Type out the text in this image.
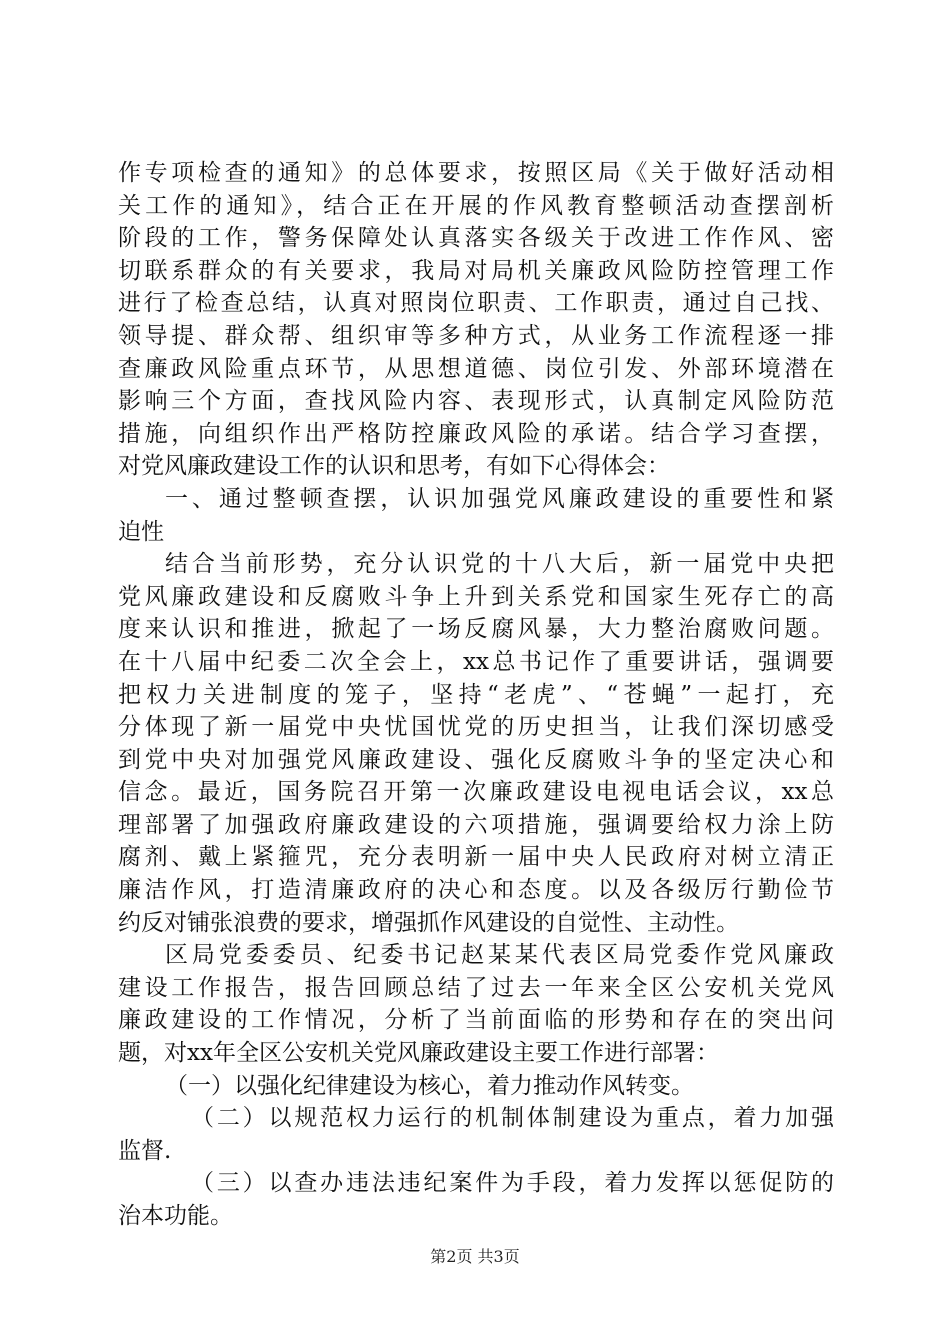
作专项检查的通知》的总体要求，按照区局《关于做好活动相
关工作的通知》，结合正在开展的作风教育整顿活动查摆剖析
阶段的工作，警务保障处认真落实各级关于改进工作作风、密
切联系群众的有关要求，我局对局机关廉政风险防控管理工作
进行了检查总结，认真对照岗位职责、工作职责，通过自己找、
领导提、群众帮、组织审等多种方式，从业务工作流程逐一排
查廉政风险重点环节，从思想道德、岗位引发、外部环境潜在
影响三个方面，查找风险内容、表现形式，认真制定风险防范
措施，向组织作出严格防控廉政风险的承诺。结合学习查摆，
对党风廉政建设工作的认识和思考，有如下心得体会：
一、通过整顿查摆，认识加强党风廉政建设的重要性和紧
迫性
结合当前形势，充分认识党的十八大后，新一届党中央把
党风廉政建设和反腐败斗争上升到关系党和国家生死存亡的高
度来认识和推进，掀起了一场反腐风暴，大力整治腐败问题。
在十八届中纪委二次全会上，xx总书记作了重要讲话，强调要
把权力关进制度的笼子，坚持“老虎”、“苍蝇”一起打，充
分体现了新一届党中央忧国忧党的历史担当，让我们深切感受
到党中央对加强党风廉政建设、强化反腐败斗争的坚定决心和
信念。最近，国务院召开第一次廉政建设电视电话会议，xx总
理部署了加强政府廉政建设的六项措施，强调要给权力涂上防
腐剂、戴上紧箍咒，充分表明新一届中央人民政府对树立清正
廉洁作风，打造清廉政府的决心和态度。以及各级厉行勤俭节
约反对铺张浪费的要求，增强抓作风建设的自觉性、主动性。
区局党委委员、纪委书记赵某某代表区局党委作党风廉政
建设工作报告，报告回顾总结了过去一年来全区公安机关党风
廉政建设的工作情况，分析了当前面临的形势和存在的突出问
题，对xx年全区公安机关党风廉政建设主要工作进行部署：
（一）以强化纪律建设为核心，着力推动作风转变。
（二）以规范权力运行的机制体制建设为重点，着力加强
监督.
（三）以查办违法违纪案件为手段，着力发挥以惩促防的
治本功能。
第2页 共3页
